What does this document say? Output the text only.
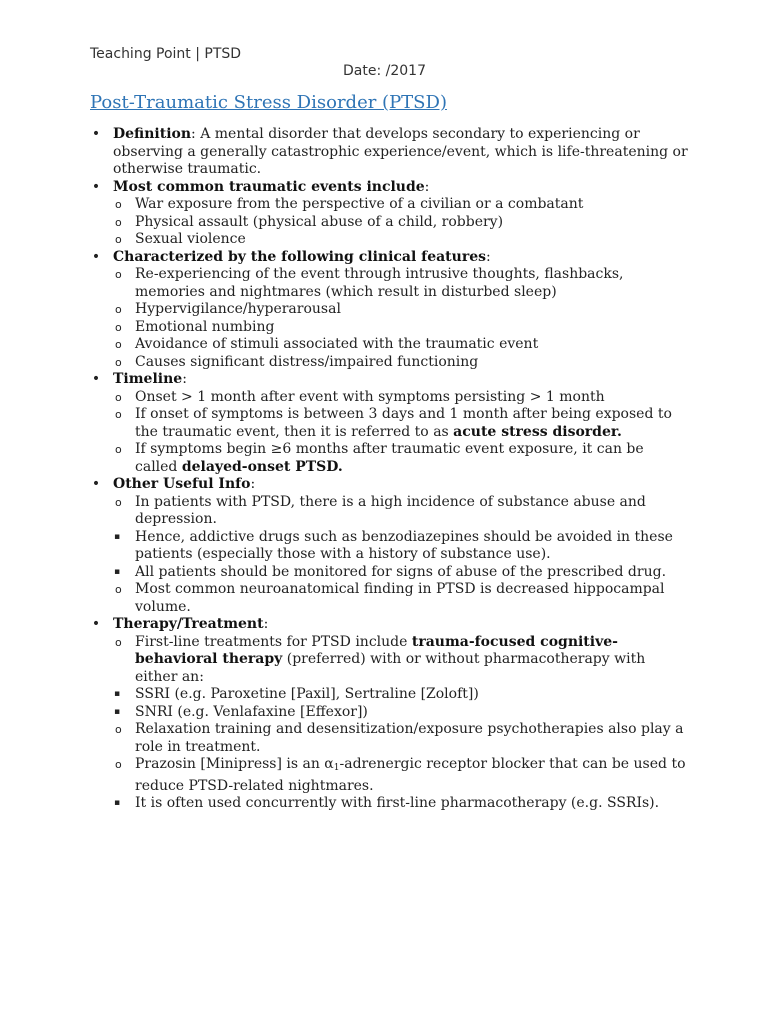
Teaching Point | PTSD
Date: /2017
Post-Traumatic Stress Disorder (PTSD)
• Definition: A mental disorder that develops secondary to experiencing or observing a generally catastrophic experience/event, which is life-threatening or otherwise traumatic.
• Most common traumatic events include:
o War exposure from the perspective of a civilian or a combatant
o Physical assault (physical abuse of a child, robbery)
o Sexual violence
• Characterized by the following clinical features:
o Re-experiencing of the event through intrusive thoughts, flashbacks, memories and nightmares (which result in disturbed sleep)
o Hypervigilance/hyperarousal
o Emotional numbing
o Avoidance of stimuli associated with the traumatic event
o Causes significant distress/impaired functioning
• Timeline:
o Onset > 1 month after event with symptoms persisting > 1 month
o If onset of symptoms is between 3 days and 1 month after being exposed to the traumatic event, then it is referred to as acute stress disorder.
o If symptoms begin ≥6 months after traumatic event exposure, it can be called delayed-onset PTSD.
• Other Useful Info:
o In patients with PTSD, there is a high incidence of substance abuse and depression.
▪ Hence, addictive drugs such as benzodiazepines should be avoided in these patients (especially those with a history of substance use).
▪ All patients should be monitored for signs of abuse of the prescribed drug.
o Most common neuroanatomical finding in PTSD is decreased hippocampal volume.
• Therapy/Treatment:
o First-line treatments for PTSD include trauma-focused cognitive-behavioral therapy (preferred) with or without pharmacotherapy with either an:
▪ SSRI (e.g. Paroxetine [Paxil], Sertraline [Zoloft])
▪ SNRI (e.g. Venlafaxine [Effexor])
o Relaxation training and desensitization/exposure psychotherapies also play a role in treatment.
o Prazosin [Minipress] is an $\alpha_1$-adrenergic receptor blocker that can be used to reduce PTSD-related nightmares.
▪ It is often used concurrently with first-line pharmacotherapy (e.g. SSRIs).
